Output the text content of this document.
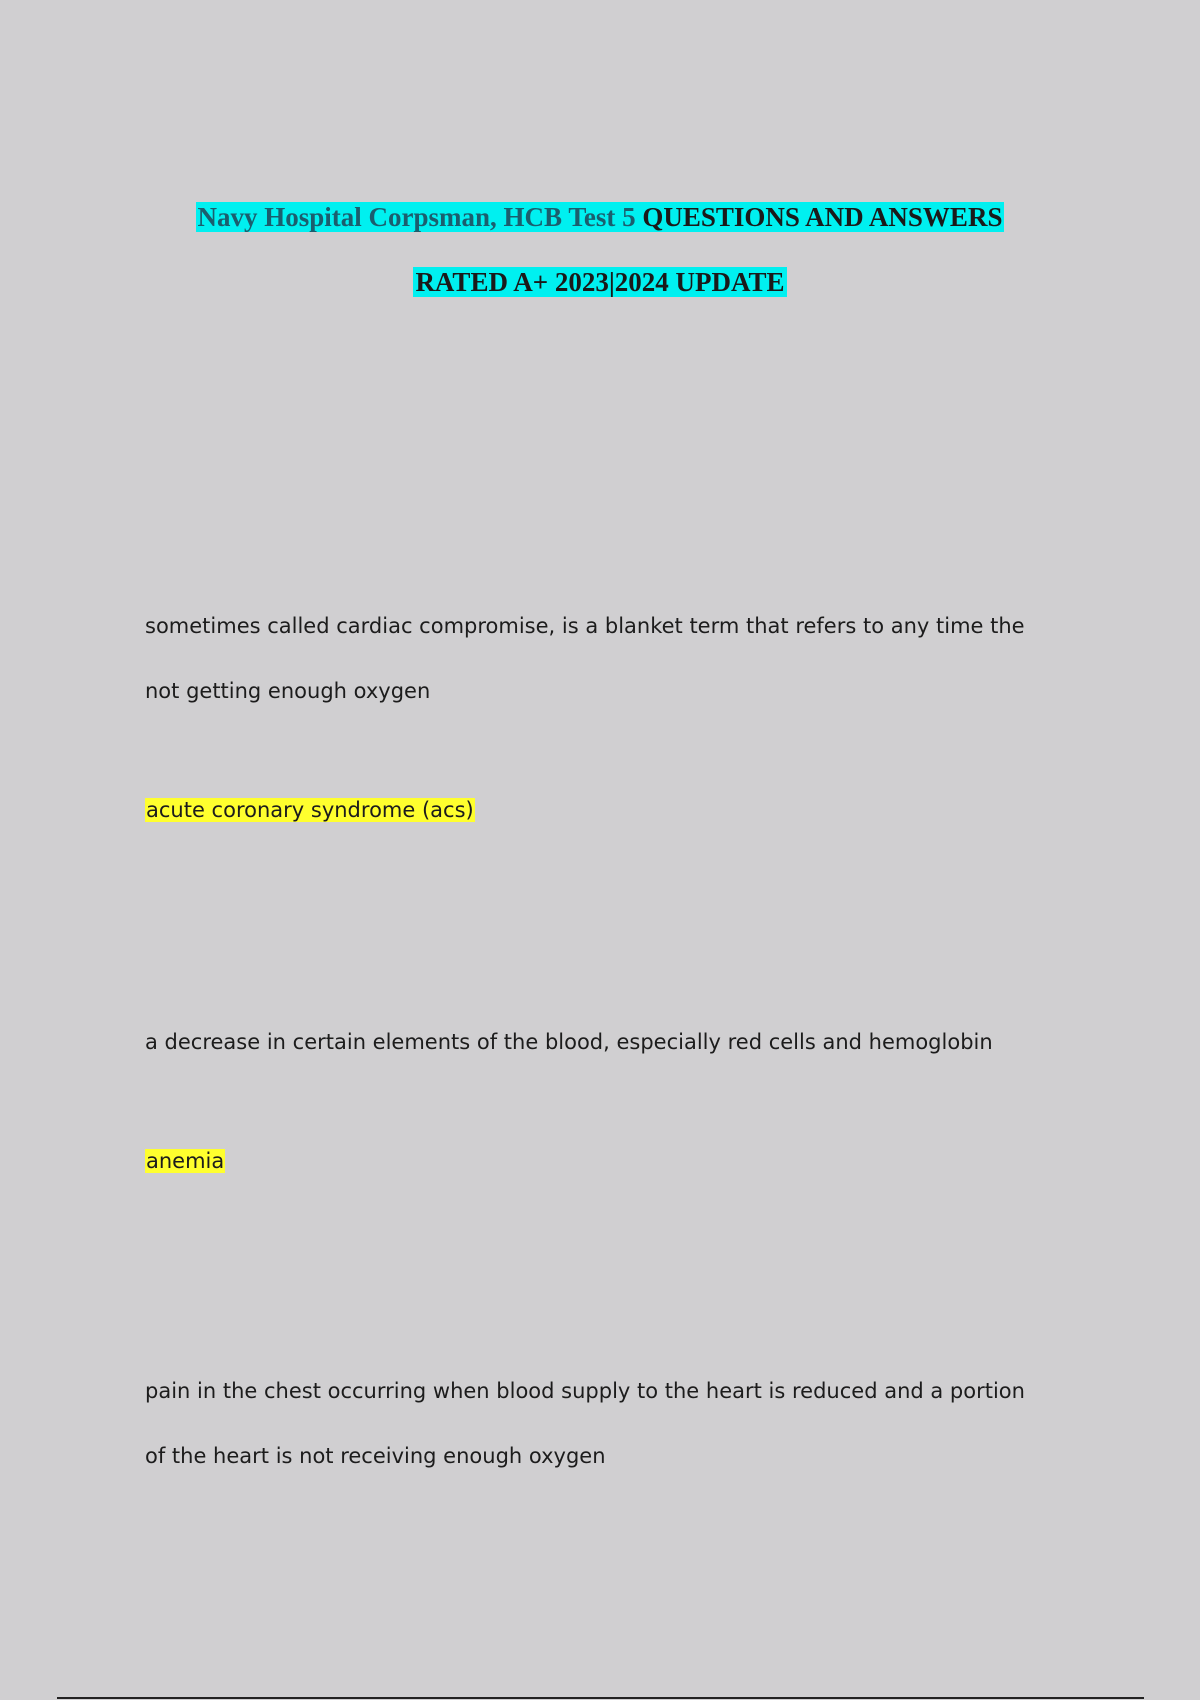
Navy Hospital Corpsman, HCB Test 5 QUESTIONS AND ANSWERS
RATED A+ 2023|2024 UPDATE
sometimes called cardiac compromise, is a blanket term that refers to any time the
not getting enough oxygen
acute coronary syndrome (acs)
a decrease in certain elements of the blood, especially red cells and hemoglobin
anemia
pain in the chest occurring when blood supply to the heart is reduced and a portion
of the heart is not receiving enough oxygen
